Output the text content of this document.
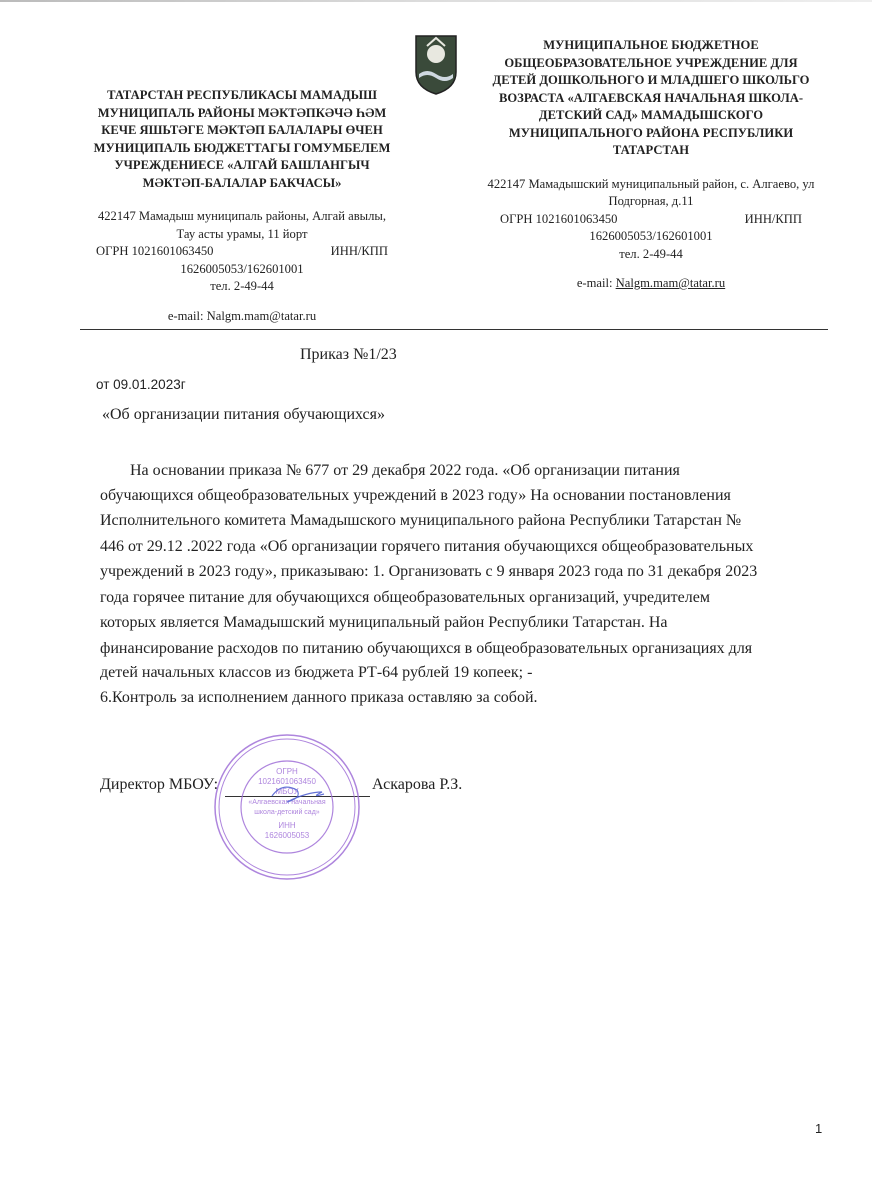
ТАТАРСТАН РЕСПУБЛИКАСЫ МАМАДЫШ
МУНИЦИПАЛЬ РАЙОНЫ МӘКТӘПКӘЧӘ ҺӘМ
КЕЧЕ ЯШЬТӘГЕ МӘКТӘП БАЛАЛАРЫ ӨЧЕН
МУНИЦИПАЛЬ БЮДЖЕТТАГЫ ГОМУМБЕЛЕМ
УЧРЕЖДЕНИЕСЕ «АЛГАЙ БАШЛАНГЫЧ
МӘКТӘП-БАЛАЛАР БАКЧАСЫ»
422147 Мамадыш муниципаль районы, Алгай авылы,
Тау асты урамы, 11 йорт
ОГРН 1021601063450	ИНН/КПП
1626005053/162601001
тел. 2-49-44
e-mail: Nalgm.mam@tatar.ru
МУНИЦИПАЛЬНОЕ БЮДЖЕТНОЕ
ОБЩЕОБРАЗОВАТЕЛЬНОЕ УЧРЕЖДЕНИЕ ДЛЯ
ДЕТЕЙ ДОШКОЛЬНОГО И МЛАДШЕГО ШКОЛЬГО
ВОЗРАСТА «АЛГАЕВСКАЯ НАЧАЛЬНАЯ ШКОЛА-
ДЕТСКИЙ САД» МАМАДЫШСКОГО
МУНИЦИПАЛЬНОГО РАЙОНА РЕСПУБЛИКИ
ТАТАРСТАН
422147 Мамадышский муниципальный район, с. Алгаево, ул
Подгорная, д.11
ОГРН 1021601063450	ИНН/КПП
1626005053/162601001
тел. 2-49-44
e-mail: Nalgm.mam@tatar.ru
Приказ №1/23
от 09.01.2023г
«Об организации питания обучающихся»
На основании приказа № 677 от 29 декабря 2022 года. «Об организации питания
обучающихся общеобразовательных учреждений в 2023 году» На основании постановления
Исполнительного комитета Мамадышского муниципального района Республики Татарстан №
446 от 29.12 .2022 года «Об организации горячего питания обучающихся общеобразовательных
учреждений в 2023 году», приказываю: 1. Организовать с 9 января 2023 года по 31 декабря 2023
года горячее питание для обучающихся общеобразовательных организаций, учредителем
которых является Мамадышский муниципальный район Республики Татарстан. На
финансирование расходов по питанию обучающихся в общеобразовательных организациях для
детей начальных классов из бюджета РТ-64 рублей 19 копеек; -
6.Контроль за исполнением данного приказа оставляю за собой.
Директор МБОУ:	Аскарова Р.З.
ОГРН
1021601063450
МБОУ
«Алгаевская начальная
школа-детский сад»
ИНН
1626005053
1
